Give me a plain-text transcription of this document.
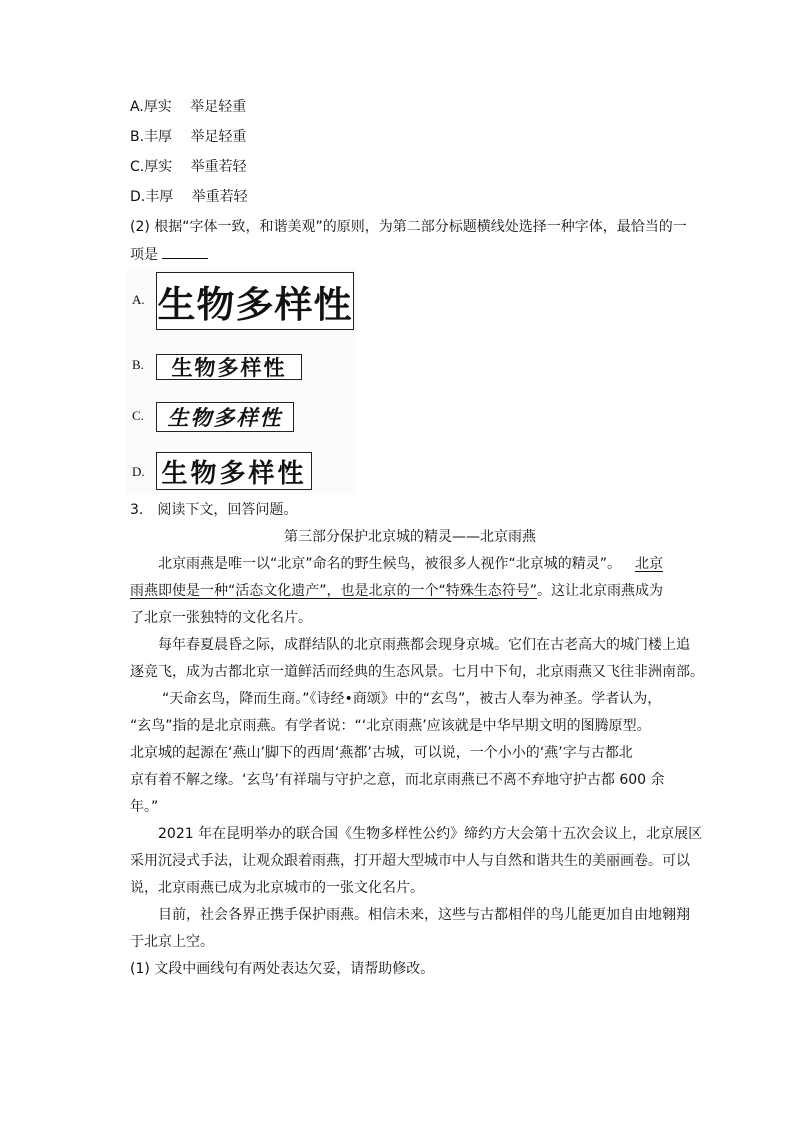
A.厚实　 举足轻重
B.丰厚　 举足轻重
C.厚实　 举重若轻
D.丰厚　 举重若轻
(2) 根据“字体一致，和谐美观”的原则，为第二部分标题横线处选择一种字体，最恰当的一
项是
A. 生物多样性
B. 生物多样性
C. 生物多样性
D. 生物多样性
3.　阅读下文，回答问题。
第三部分保护北京城的精灵——北京雨燕
北京雨燕是唯一以“北京”命名的野生候鸟，被很多人视作“北京城的精灵”。 北京
雨燕即使是一种“活态文化遗产”，也是北京的一个“特殊生态符号”。这让北京雨燕成为
了北京一张独特的文化名片。
每年春夏晨昏之际，成群结队的北京雨燕都会现身京城。它们在古老高大的城门楼上追
逐竞飞，成为古都北京一道鲜活而经典的生态风景。七月中下旬，北京雨燕又飞往非洲南部。
“天命玄鸟，降而生商。”《诗经•商颂》中的“玄鸟”，被古人奉为神圣。学者认为，
“玄鸟”指的是北京雨燕。有学者说：“‘北京雨燕’应该就是中华早期文明的图腾原型。
北京城的起源在‘燕山’脚下的西周‘燕都’古城，可以说，一个小小的‘燕’字与古都北
京有着不解之缘。‘玄鸟’有祥瑞与守护之意，而北京雨燕已不离不弃地守护古都 600 余
年。”
2021 年在昆明举办的联合国《生物多样性公约》缔约方大会第十五次会议上，北京展区
采用沉浸式手法，让观众跟着雨燕，打开超大型城市中人与自然和谐共生的美丽画卷。可以
说，北京雨燕已成为北京城市的一张文化名片。
目前，社会各界正携手保护雨燕。相信未来，这些与古都相伴的鸟儿能更加自由地翱翔
于北京上空。
(1) 文段中画线句有两处表达欠妥，请帮助修改。
